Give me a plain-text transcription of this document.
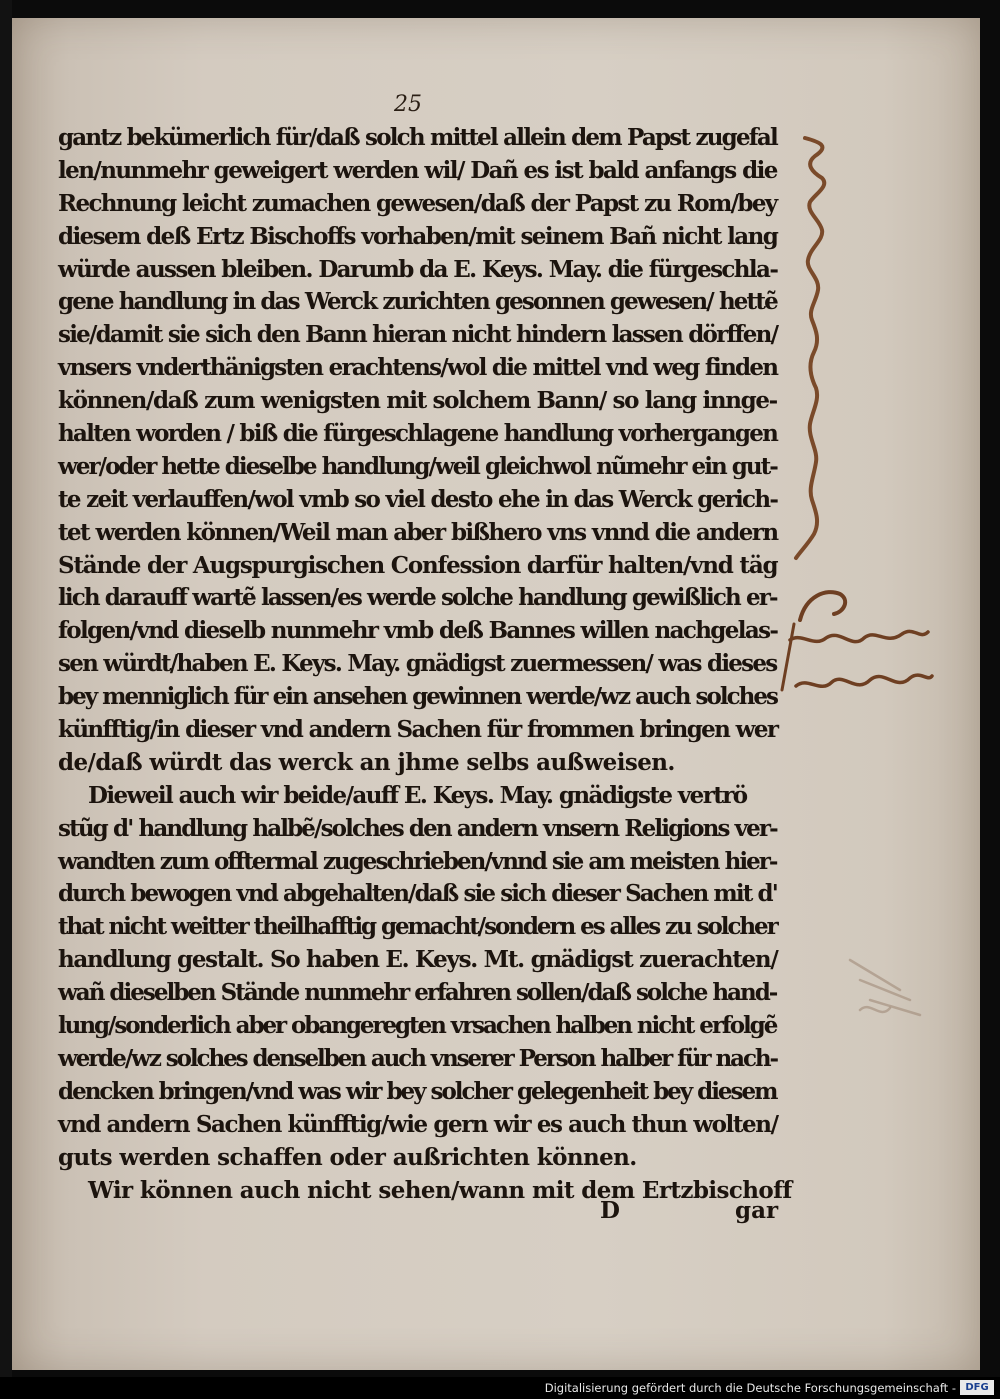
25
gantz bekümerlich für/daß solch mittel allein dem Papst zugefal
len/nunmehr geweigert werden wil/ Dañ es ist bald anfangs die
Rechnung leicht zumachen gewesen/daß der Papst zu Rom/bey
diesem deß Ertz Bischoffs vorhaben/mit seinem Bañ nicht lang
würde aussen bleiben. Darumb da E. Keys. May. die fürgeschla-
gene handlung in das Werck zurichten gesonnen gewesen/ hettẽ
sie/damit sie sich den Bann hieran nicht hindern lassen dörffen/
vnsers vnderthänigsten erachtens/wol die mittel vnd weg finden
können/daß zum wenigsten mit solchem Bann/ so lang innge-
halten worden / biß die fürgeschlagene handlung vorhergangen
wer/oder hette dieselbe handlung/weil gleichwol nũmehr ein gut-
te zeit verlauffen/wol vmb so viel desto ehe in das Werck gerich-
tet werden können/Weil man aber bißhero vns vnnd die andern
Stände der Augspurgischen Confession darfür halten/vnd täg
lich darauff wartẽ lassen/es werde solche handlung gewißlich er-
folgen/vnd dieselb nunmehr vmb deß Bannes willen nachgelas-
sen würdt/haben E. Keys. May. gnädigst zuermessen/ was dieses
bey menniglich für ein ansehen gewinnen werde/wz auch solches
künfftig/in dieser vnd andern Sachen für frommen bringen wer
de/daß würdt das werck an jhme selbs außweisen.
Dieweil auch wir beide/auff E. Keys. May. gnädigste vertrö
stũg d' handlung halbẽ/solches den andern vnsern Religions ver-
wandten zum offtermal zugeschrieben/vnnd sie am meisten hier-
durch bewogen vnd abgehalten/daß sie sich dieser Sachen mit d'
that nicht weitter theilhafftig gemacht/sondern es alles zu solcher
handlung gestalt. So haben E. Keys. Mt. gnädigst zuerachten/
wañ dieselben Stände nunmehr erfahren sollen/daß solche hand-
lung/sonderlich aber obangeregten vrsachen halben nicht erfolgẽ
werde/wz solches denselben auch vnserer Person halber für nach-
dencken bringen/vnd was wir bey solcher gelegenheit bey diesem
vnd andern Sachen künfftig/wie gern wir es auch thun wolten/
guts werden schaffen oder außrichten können.
Wir können auch nicht sehen/wann mit dem Ertzbischoff
D	gar
Digitalisierung gefördert durch die Deutsche Forschungsgemeinschaft - DFG
